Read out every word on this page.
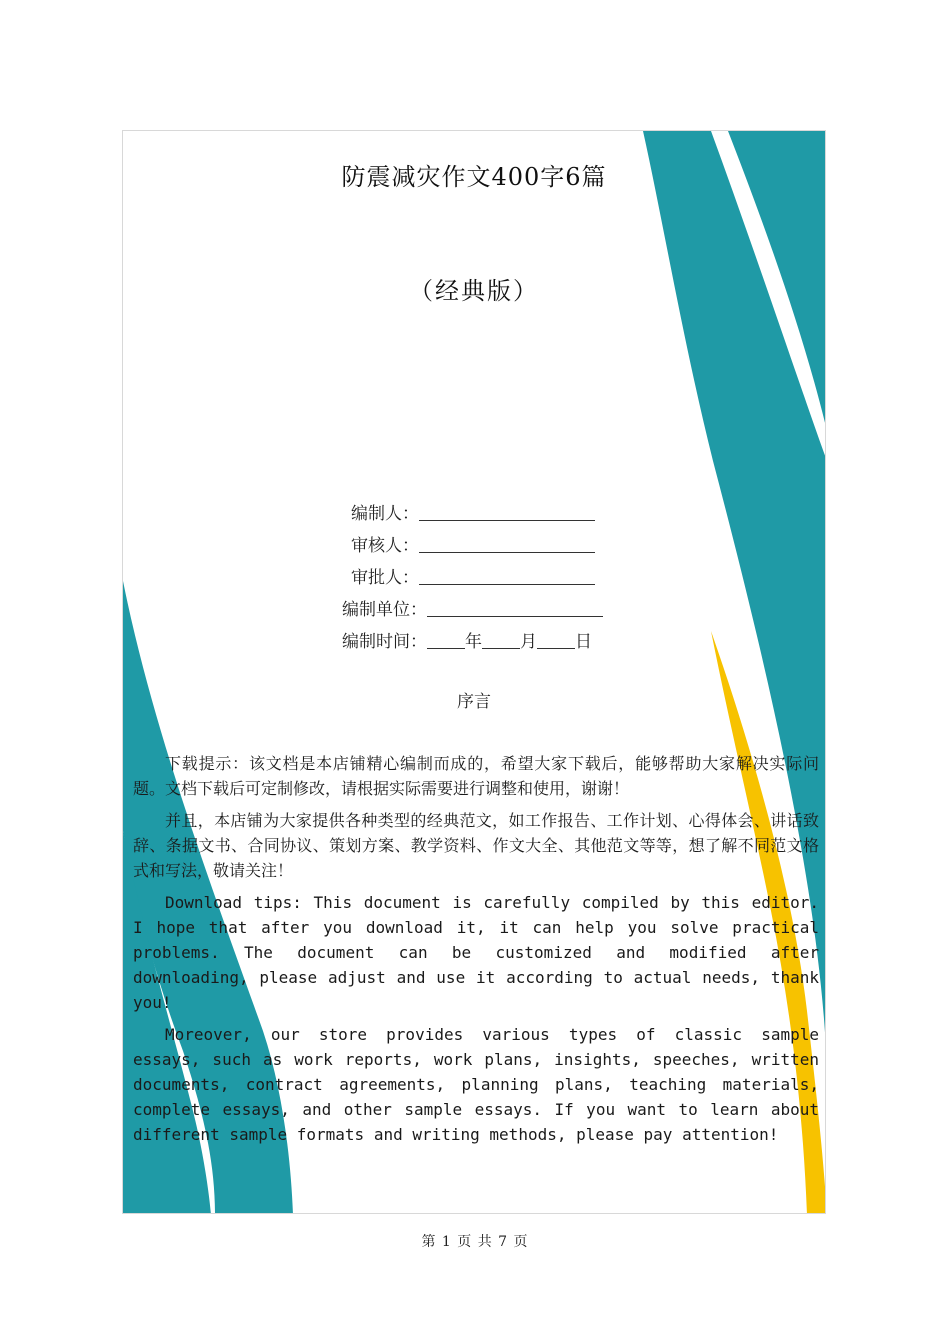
防震减灾作文400字6篇
（经典版）
编制人：
审核人：
审批人：
编制单位：
编制时间： 年 月 日
序言

下载提示：该文档是本店铺精心编制而成的，希望大家下载后，能够帮助大家解决实际问题。文档下载后可定制修改，请根据实际需要进行调整和使用，谢谢！

并且，本店铺为大家提供各种类型的经典范文，如工作报告、工作计划、心得体会、讲话致辞、条据文书、合同协议、策划方案、教学资料、作文大全、其他范文等等，想了解不同范文格式和写法，敬请关注！

Download tips: This document is carefully compiled by this editor. I hope that after you download it, it can help you solve practical problems. The document can be customized and modified after downloading, please adjust and use it according to actual needs, thank you!

Moreover, our store provides various types of classic sample essays, such as work reports, work plans, insights, speeches, written documents, contract agreements, planning plans, teaching materials, complete essays, and other sample essays. If you want to learn about different sample formats and writing methods, please pay attention!

第 1 页 共 7 页
